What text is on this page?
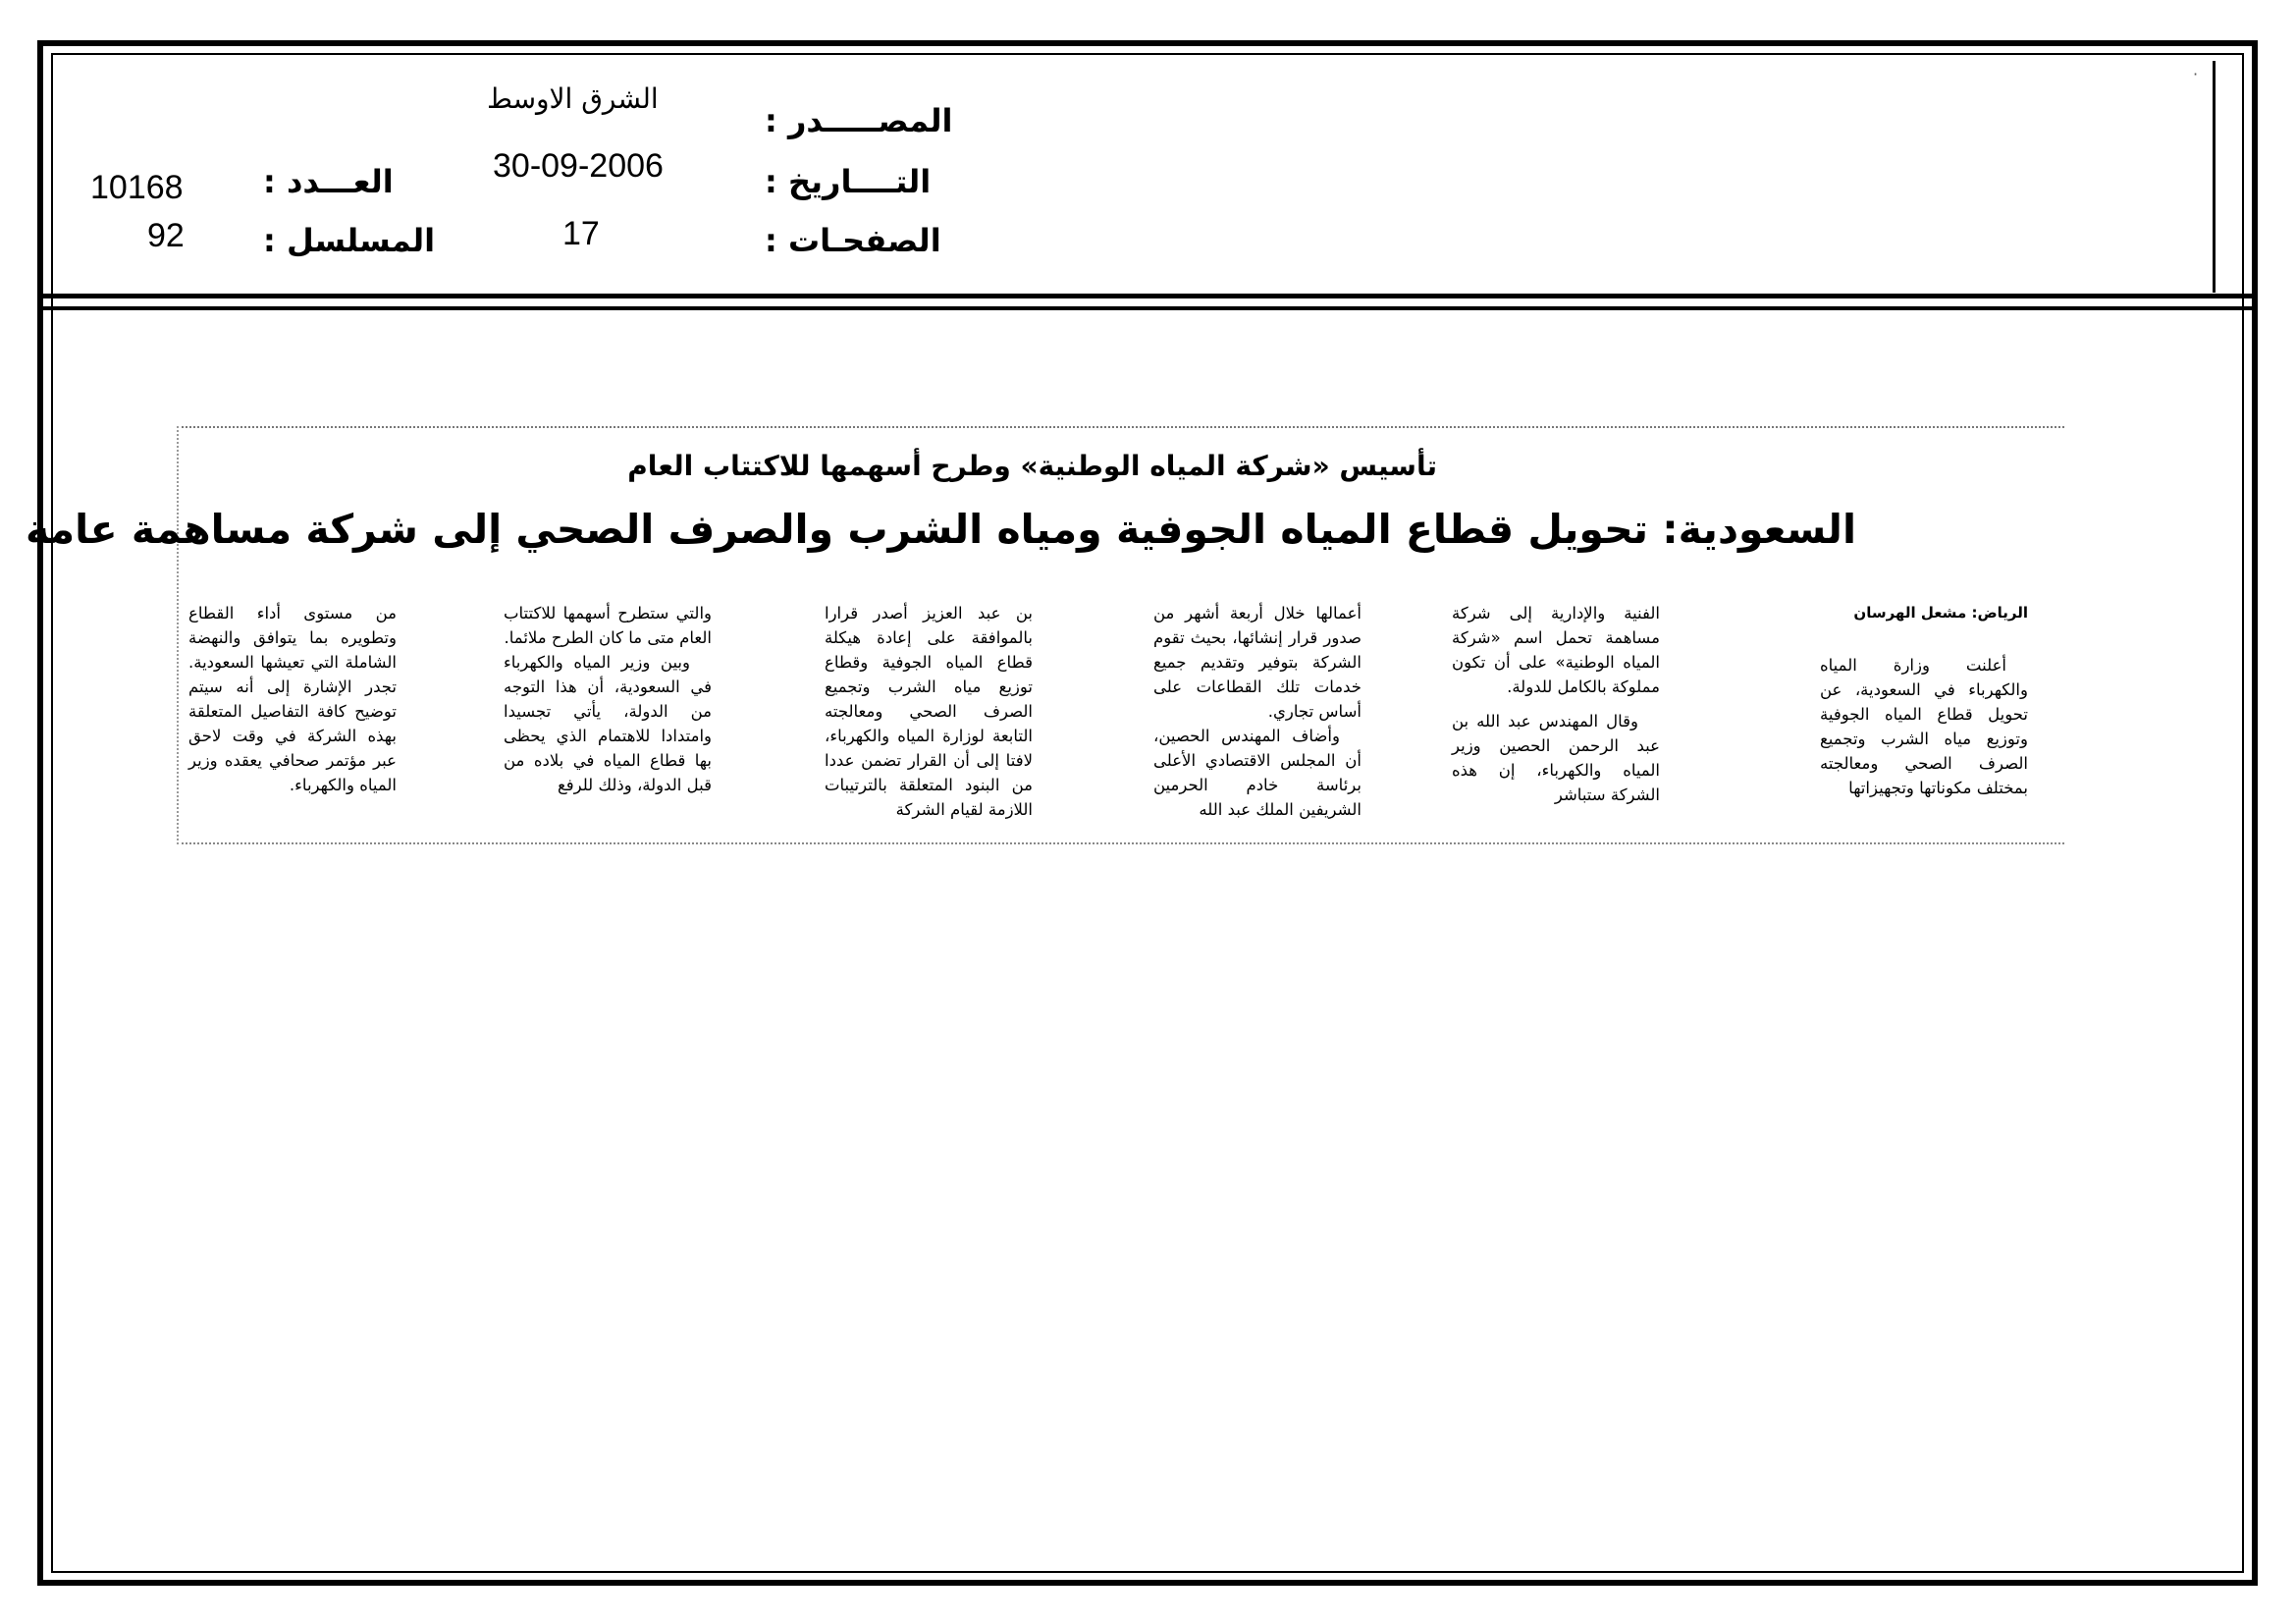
·
المصـــــدر :
الشرق الاوسط
التــــاريخ :
30-09-2006
الصفحـات :
17
العـــدد :
10168
المسلسل :
92
تأسيس «شركة المياه الوطنية» وطرح أسهمها للاكتتاب العام
السعودية: تحويل قطاع المياه الجوفية ومياه الشرب والصرف الصحي إلى شركة مساهمة عامة

الرياض: مشعل الهرسان

أعلنت وزارة المياه والكهرباء في السعودية، عن تحويل قطاع المياه الجوفية وتوزيع مياه الشرب وتجميع الصرف الصحي ومعالجته بمختلف مكوناتها وتجهيزاتها

الفنية والإدارية إلى شركة مساهمة تحمل اسم «شركة المياه الوطنية» على أن تكون مملوكة بالكامل للدولة.

وقال المهندس عبد الله بن عبد الرحمن الحصين وزير المياه والكهرباء، إن هذه الشركة ستباشر

أعمالها خلال أربعة أشهر من صدور قرار إنشائها، بحيث تقوم الشركة بتوفير وتقديم جميع خدمات تلك القطاعات على أساس تجاري.

وأضاف المهندس الحصين، أن المجلس الاقتصادي الأعلى برئاسة خادم الحرمين الشريفين الملك عبد الله

بن عبد العزيز أصدر قرارا بالموافقة على إعادة هيكلة قطاع المياه الجوفية وقطاع توزيع مياه الشرب وتجميع الصرف الصحي ومعالجته التابعة لوزارة المياه والكهرباء، لافتا إلى أن القرار تضمن عددا من البنود المتعلقة بالترتيبات اللازمة لقيام الشركة

والتي ستطرح أسهمها للاكتتاب العام متى ما كان الطرح ملائما.

وبين وزير المياه والكهرباء في السعودية، أن هذا التوجه من الدولة، يأتي تجسيدا وامتدادا للاهتمام الذي يحظى بها قطاع المياه في بلاده من قبل الدولة، وذلك للرفع

من مستوى أداء القطاع وتطويره بما يتوافق والنهضة الشاملة التي تعيشها السعودية. تجدر الإشارة إلى أنه سيتم توضيح كافة التفاصيل المتعلقة بهذه الشركة في وقت لاحق عبر مؤتمر صحافي يعقده وزير المياه والكهرباء.
